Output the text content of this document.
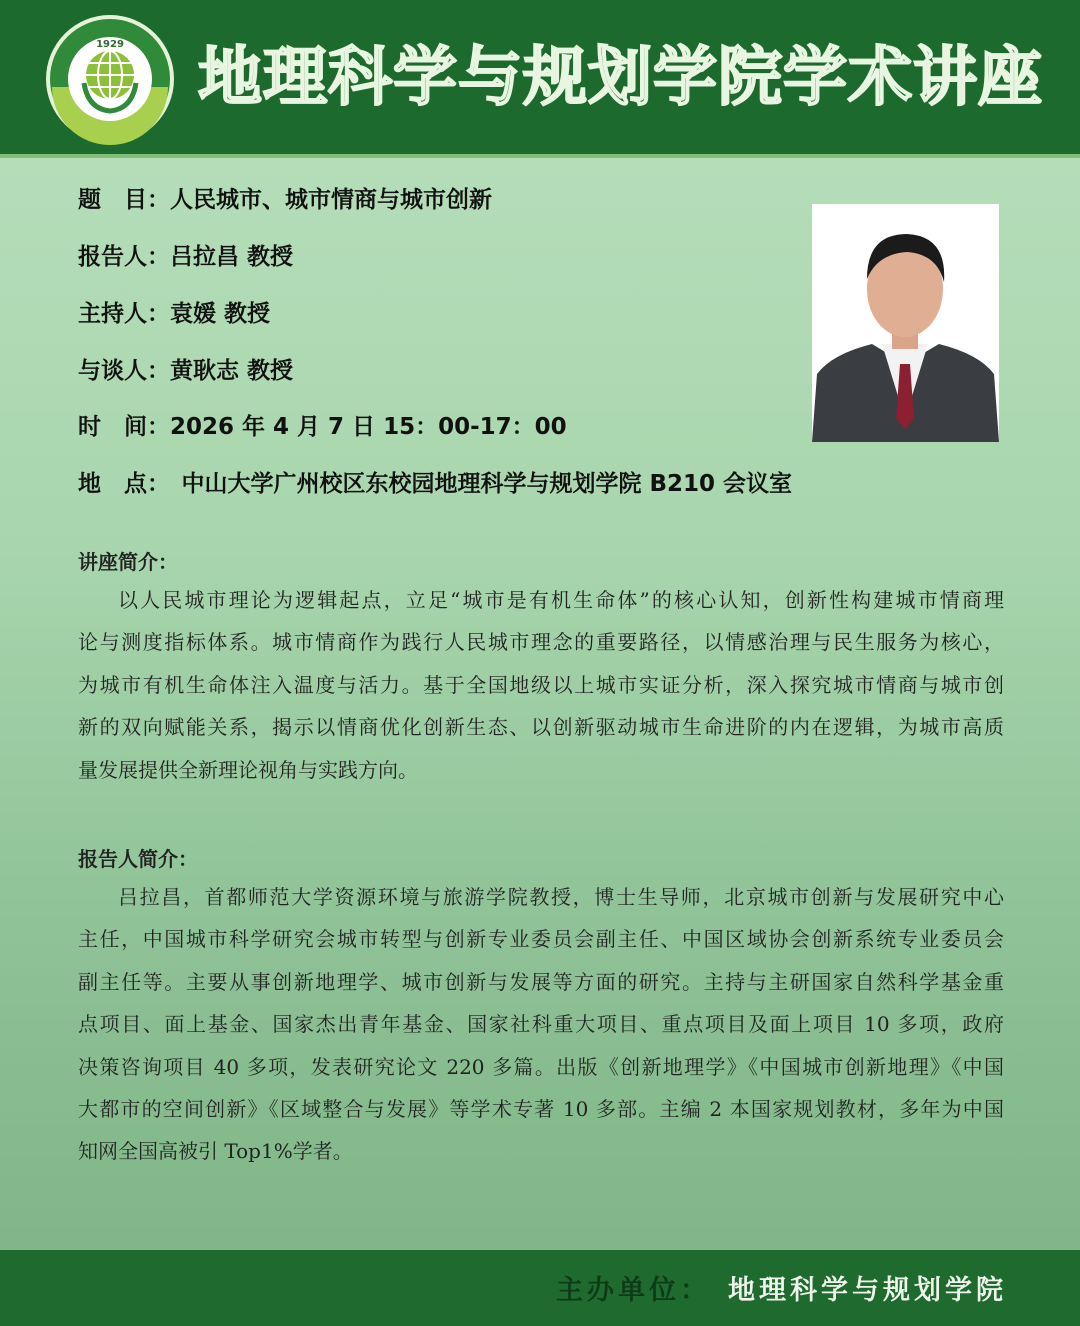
1929 地理科学与规划学院学术讲座
题　目：人民城市、城市情商与城市创新
报告人：吕拉昌 教授
主持人：袁媛 教授
与谈人：黄耿志 教授
时　间：2026 年 4 月 7 日 15：00-17：00
地　点：　中山大学广州校区东校园地理科学与规划学院 B210 会议室
讲座简介：
以人民城市理论为逻辑起点，立足“城市是有机生命体”的核心认知，创新性构建城市情商理
论与测度指标体系。城市情商作为践行人民城市理念的重要路径，以情感治理与民生服务为核心，
为城市有机生命体注入温度与活力。基于全国地级以上城市实证分析，深入探究城市情商与城市创
新的双向赋能关系，揭示以情商优化创新生态、以创新驱动城市生命进阶的内在逻辑，为城市高质
量发展提供全新理论视角与实践方向。
报告人简介：
吕拉昌，首都师范大学资源环境与旅游学院教授，博士生导师，北京城市创新与发展研究中心
主任，中国城市科学研究会城市转型与创新专业委员会副主任、中国区域协会创新系统专业委员会
副主任等。主要从事创新地理学、城市创新与发展等方面的研究。主持与主研国家自然科学基金重
点项目、面上基金、国家杰出青年基金、国家社科重大项目、重点项目及面上项目 10 多项，政府
决策咨询项目 40 多项，发表研究论文 220 多篇。出版《创新地理学》《中国城市创新地理》《中国
大都市的空间创新》《区域整合与发展》等学术专著 10 多部。主编 2 本国家规划教材，多年为中国
知网全国高被引 Top1%学者。
主办单位： 地理科学与规划学院
